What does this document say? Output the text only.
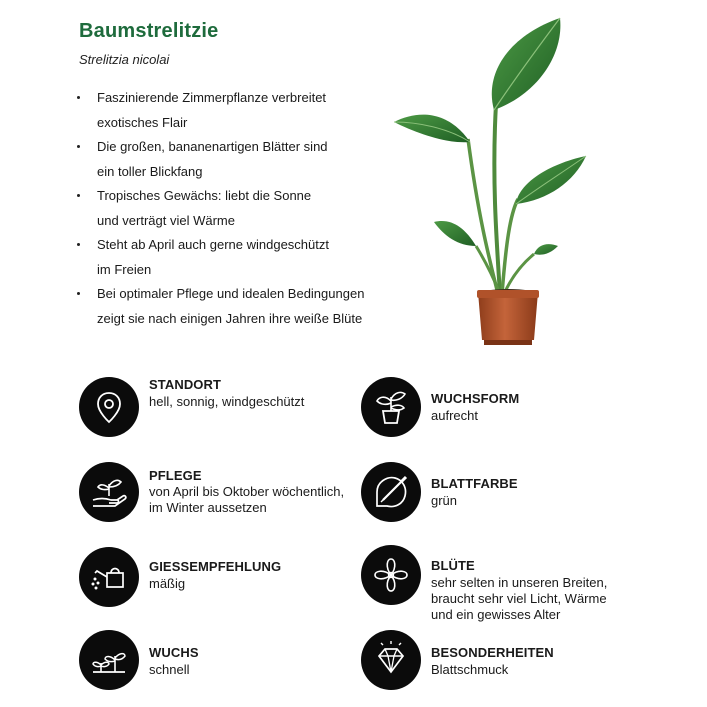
Baumstrelitzie
Strelitzia nicolai
Faszinierende Zimmerpflanze verbreitet
exotisches Flair
Die großen, bananenartigen Blätter sind
ein toller Blickfang
Tropisches Gewächs: liebt die Sonne
und verträgt viel Wärme
Steht ab April auch gerne windgeschützt
im Freien
Bei optimaler Pflege und idealen Bedingungen
zeigt sie nach einigen Jahren ihre weiße Blüte
STANDORT
hell, sonnig, windgeschützt	WUCHSFORM
aufrecht
PFLEGE
von April bis Oktober wöchentlich,
im Winter aussetzen
BLATTFARBE
grün
GIESSEMPFEHLUNG
mäßig
BLÜTE
sehr selten in unseren Breiten,
braucht sehr viel Licht, Wärme
und ein gewisses Alter
WUCHS
schnell
BESONDERHEITEN
Blattschmuck
